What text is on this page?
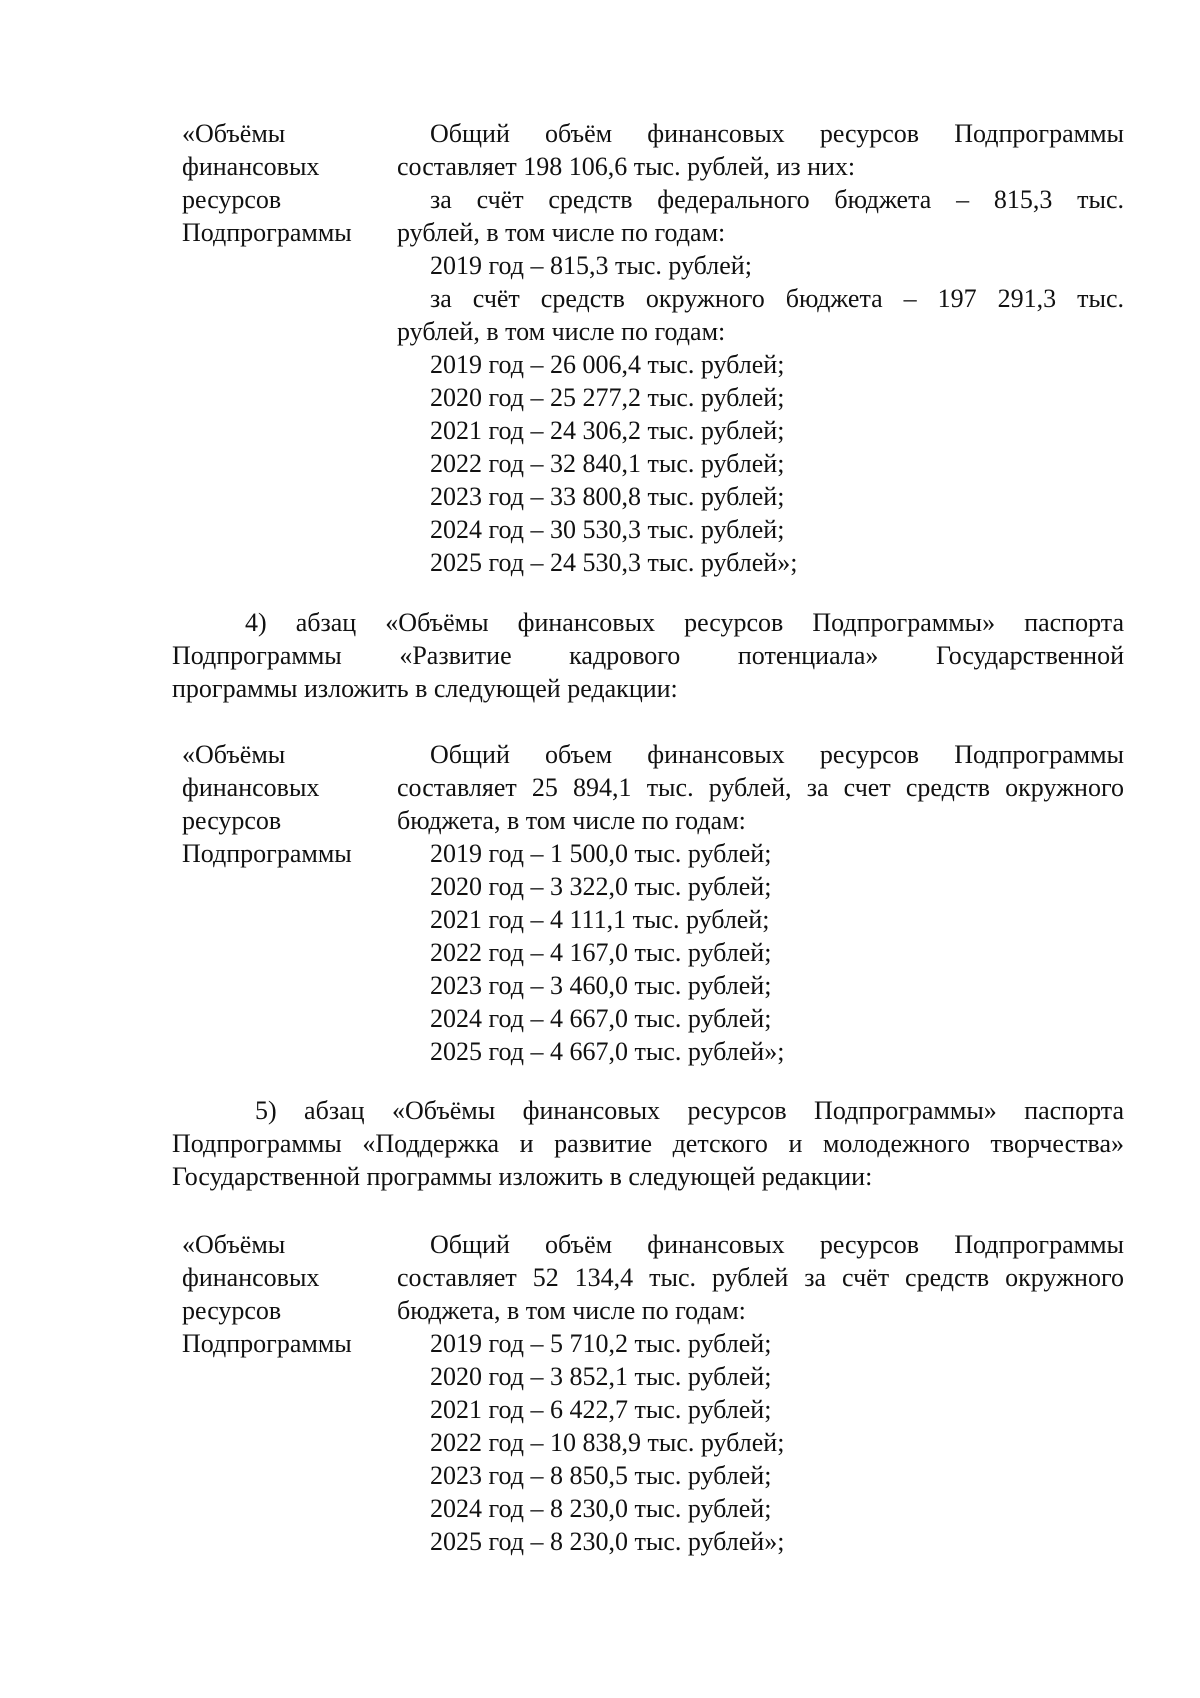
«Объёмы
финансовых
ресурсов
Подпрограммы

Общий объём финансовых ресурсов Подпрограммы

составляет 198 106,6 тыс. рублей, из них:

за счёт средств федерального бюджета – 815,3 тыс.

рублей, в том числе по годам:

2019 год – 815,3 тыс. рублей;

за счёт средств окружного бюджета – 197 291,3 тыс.

рублей, в том числе по годам:

2019 год – 26 006,4 тыс. рублей;
2020 год – 25 277,2 тыс. рублей;
2021 год – 24 306,2 тыс. рублей;
2022 год – 32 840,1 тыс. рублей;
2023 год – 33 800,8 тыс. рублей;
2024 год – 30 530,3 тыс. рублей;
2025 год – 24 530,3 тыс. рублей»;

4) абзац «Объёмы финансовых ресурсов Подпрограммы» паспорта

Подпрограммы «Развитие кадрового потенциала» Государственной

программы изложить в следующей редакции:

«Объёмы
финансовых
ресурсов
Подпрограммы

Общий объем финансовых ресурсов Подпрограммы

составляет 25 894,1 тыс. рублей, за счет средств окружного

бюджета, в том числе по годам:

2019 год – 1 500,0 тыс. рублей;
2020 год – 3 322,0 тыс. рублей;
2021 год – 4 111,1 тыс. рублей;
2022 год – 4 167,0 тыс. рублей;
2023 год – 3 460,0 тыс. рублей;
2024 год – 4 667,0 тыс. рублей;
2025 год – 4 667,0 тыс. рублей»;

5) абзац «Объёмы финансовых ресурсов Подпрограммы» паспорта

Подпрограммы «Поддержка и развитие детского и молодежного творчества»

Государственной программы изложить в следующей редакции:

«Объёмы
финансовых
ресурсов
Подпрограммы

Общий объём финансовых ресурсов Подпрограммы

составляет 52 134,4 тыс. рублей за счёт средств окружного

бюджета, в том числе по годам:

2019 год – 5 710,2 тыс. рублей;
2020 год – 3 852,1 тыс. рублей;
2021 год – 6 422,7 тыс. рублей;
2022 год – 10 838,9 тыс. рублей;
2023 год – 8 850,5 тыс. рублей;
2024 год – 8 230,0 тыс. рублей;
2025 год – 8 230,0 тыс. рублей»;
